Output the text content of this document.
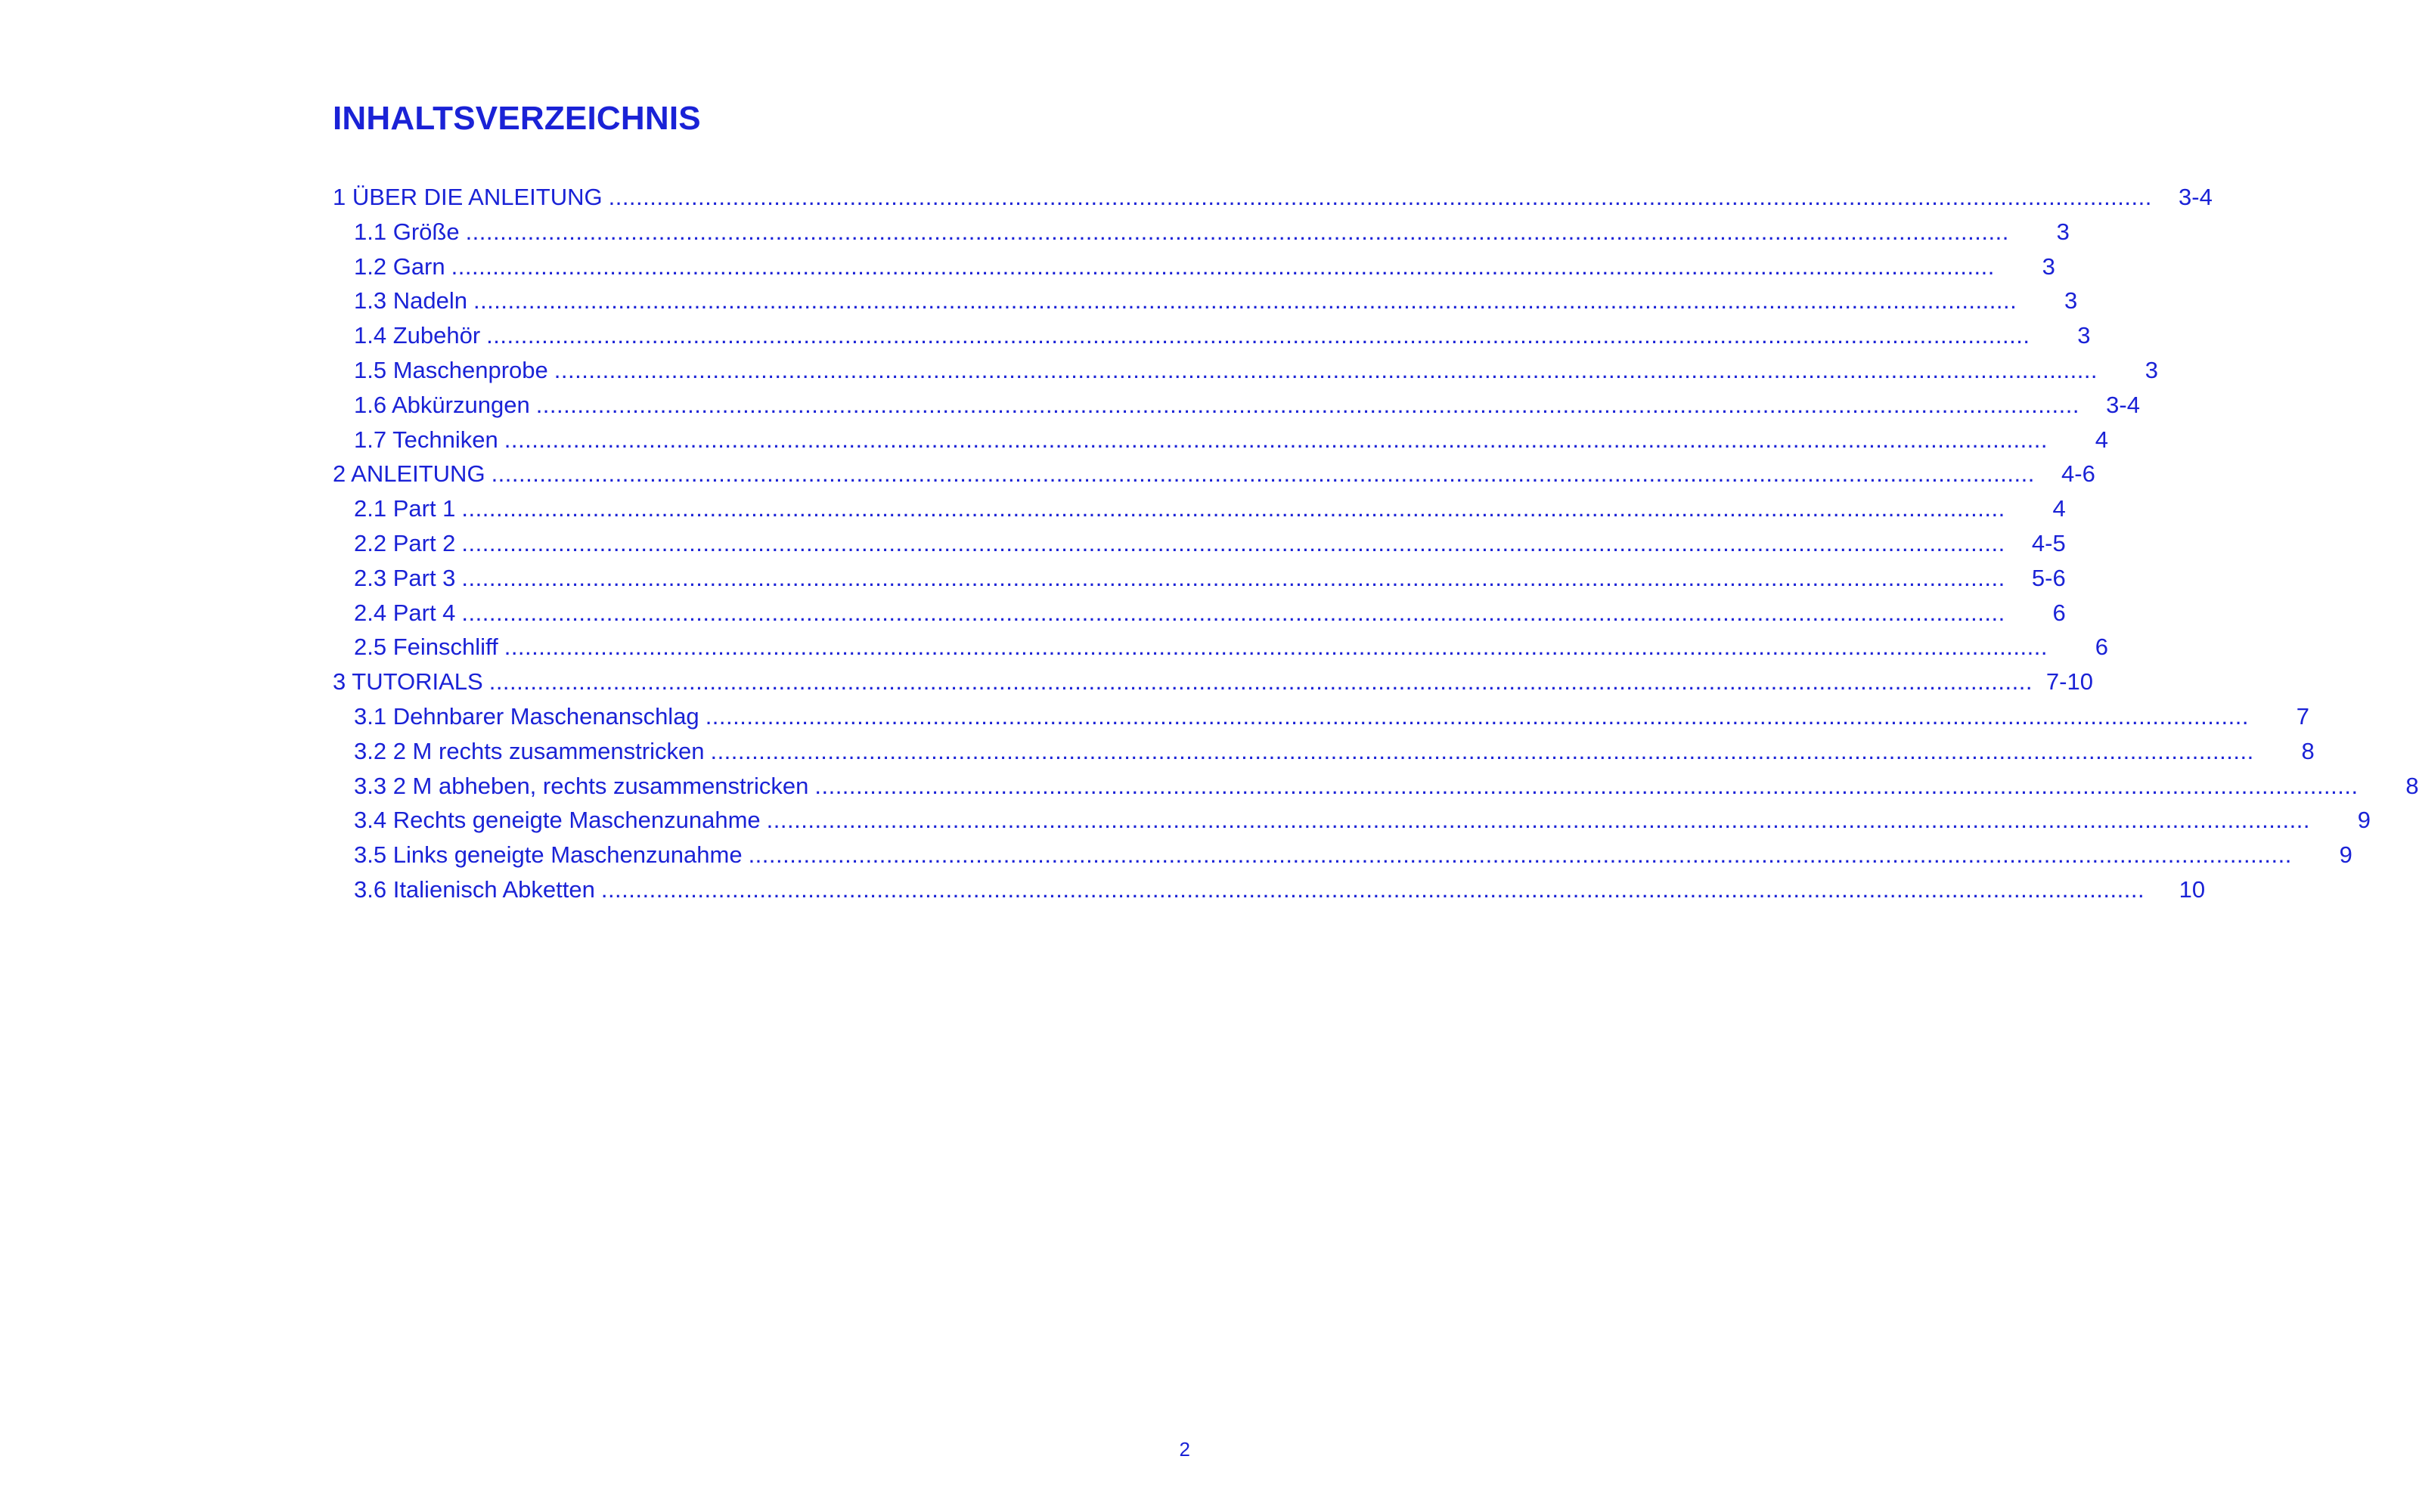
INHALTSVERZEICHNIS
1 ÜBER DIE ANLEITUNG ................................................................................................................................................................................................................................	3-4
1.1 Größe ................................................................................................................................................................................................................................	3
1.2 Garn ................................................................................................................................................................................................................................	3
1.3 Nadeln ................................................................................................................................................................................................................................	3
1.4 Zubehör ................................................................................................................................................................................................................................	3
1.5 Maschenprobe ................................................................................................................................................................................................................................	3
1.6 Abkürzungen ................................................................................................................................................................................................................................	3-4
1.7 Techniken ................................................................................................................................................................................................................................	4
2 ANLEITUNG ................................................................................................................................................................................................................................	4-6
2.1 Part 1 ................................................................................................................................................................................................................................	4
2.2 Part 2 ................................................................................................................................................................................................................................	4-5
2.3 Part 3 ................................................................................................................................................................................................................................	5-6
2.4 Part 4 ................................................................................................................................................................................................................................	6
2.5 Feinschliff ................................................................................................................................................................................................................................	6
3 TUTORIALS ................................................................................................................................................................................................................................ 7-10
3.1 Dehnbarer Maschenanschlag ................................................................................................................................................................................................................................	7
3.2 2 M rechts zusammenstricken ................................................................................................................................................................................................................................	8
3.3 2 M abheben, rechts zusammenstricken ................................................................................................................................................................................................................................	8
3.4 Rechts geneigte Maschenzunahme ................................................................................................................................................................................................................................	9
3.5 Links geneigte Maschenzunahme ................................................................................................................................................................................................................................	9
3.6 Italienisch Abketten ................................................................................................................................................................................................................................	10
2
